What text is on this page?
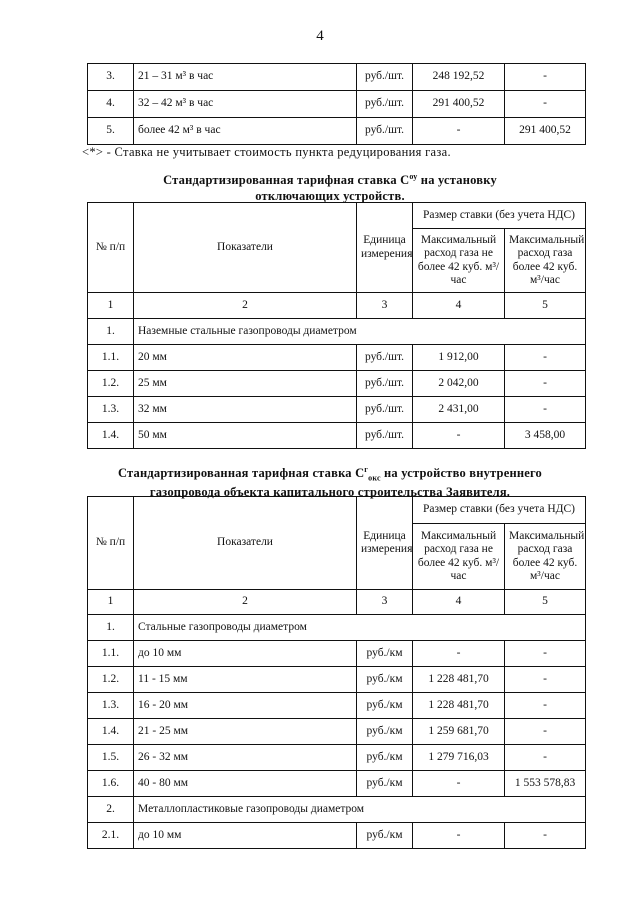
4
3.	21 – 31 м³ в час	руб./шт.	248 192,52	-
4.	32 – 42 м³ в час	руб./шт.	291 400,52	-
5.	более 42 м³ в час	руб./шт.	-	291 400,52
<*> - Ставка не учитывает стоимость пункта редуцирования газа.
Стандартизированная тарифная ставка $С^{оу}$ на установку
отключающих устройств.
№ п/п	Показатели	Единица измерения	Размер ставки (без учета НДС)	
			Максимальный расход газа не более 42 куб. м³/час	Максимальный расход газа более 42 куб. м³/час
1	2	3	4	5
1.	Наземные стальные газопроводы диаметром			
1.1.	20 мм	руб./шт.	1 912,00	-
1.2.	25 мм	руб./шт.	2 042,00	-
1.3.	32 мм	руб./шт.	2 431,00	-
1.4.	50 мм	руб./шт.	-	3 458,00
Стандартизированная тарифная ставка $С^г_{окс}$ на устройство внутреннего
газопровода объекта капитального строительства Заявителя.
№ п/п	Показатели	Единица измерения	Размер ставки (без учета НДС)	
			Максимальный расход газа не более 42 куб. м³/час	Максимальный расход газа более 42 куб. м³/час
1	2	3	4	5
1.	Стальные газопроводы диаметром			
1.1.	до 10 мм	руб./км	-	-
1.2.	11 - 15 мм	руб./км	1 228 481,70	-
1.3.	16 - 20 мм	руб./км	1 228 481,70	-
1.4.	21 - 25 мм	руб./км	1 259 681,70	-
1.5.	26 - 32 мм	руб./км	1 279 716,03	-
1.6.	40 - 80 мм	руб./км	-	1 553 578,83
2.	Металлопластиковые газопроводы диаметром			
2.1.	до 10 мм	руб./км	-	-
